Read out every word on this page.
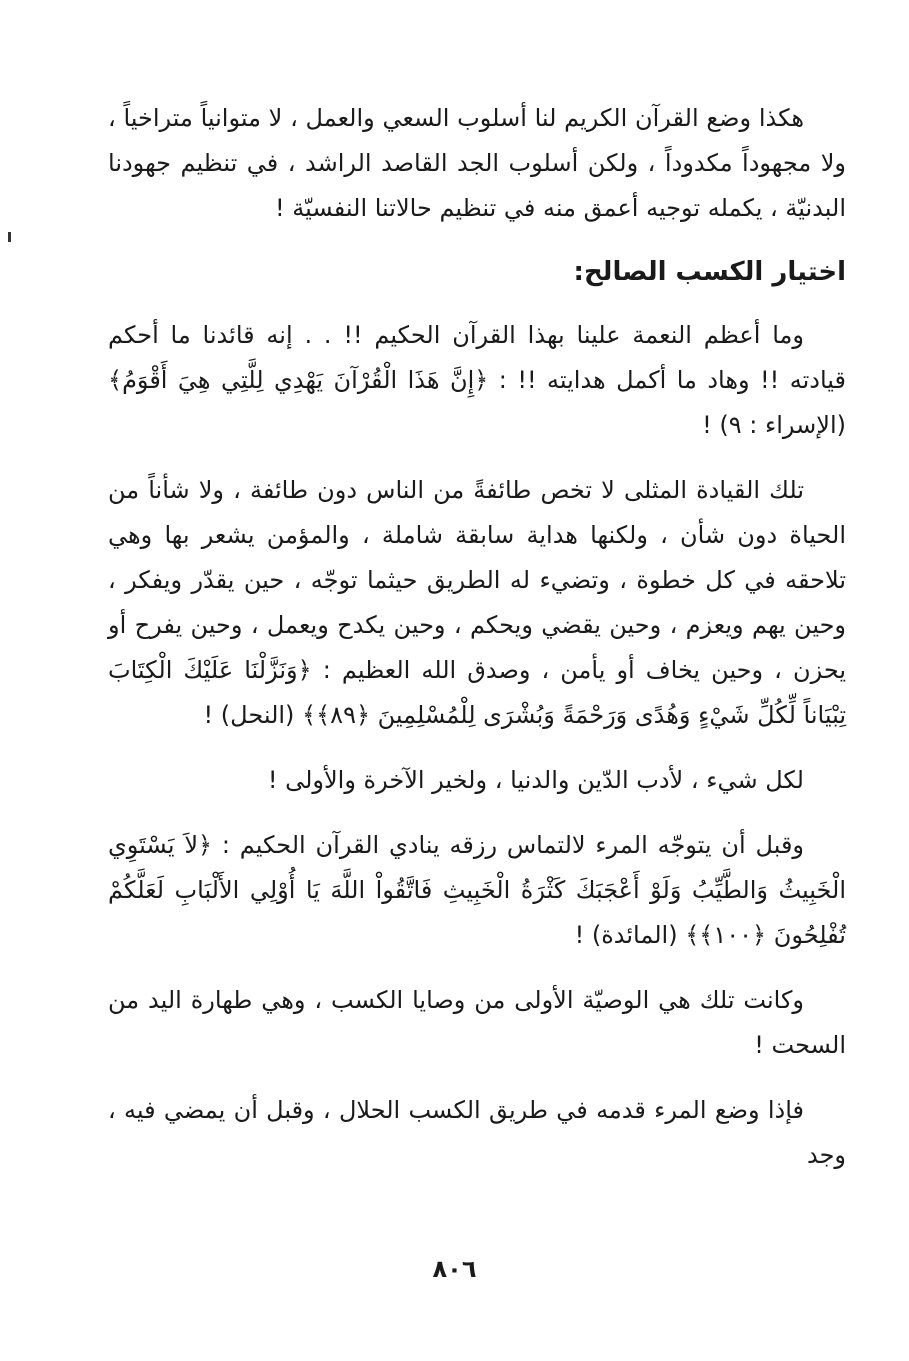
هكذا وضع القرآن الكريم لنا أسلوب السعي والعمل ، لا متوانياً متراخياً ، ولا مجهوداً مكدوداً ، ولكن أسلوب الجد القاصد الراشد ، في تنظيم جهودنا البدنيّة ، يكمله توجيه أعمق منه في تنظيم حالاتنا النفسيّة !

اختيار الكسب الصالح:

وما أعظم النعمة علينا بهذا القرآن الحكيم !! . . إنه قائدنا ما أحكم قيادته !! وهاد ما أكمل هدايته !! : ﴿إِنَّ هَذَا الْقُرْآنَ يَهْدِي لِلَّتِي هِيَ أَقْوَمُ﴾ (الإسراء : ٩) !

تلك القيادة المثلى لا تخص طائفةً من الناس دون طائفة ، ولا شأناً من الحياة دون شأن ، ولكنها هداية سابقة شاملة ، والمؤمن يشعر بها وهي تلاحقه في كل خطوة ، وتضيء له الطريق حيثما توجّه ، حين يقدّر ويفكر ، وحين يهم ويعزم ، وحين يقضي ويحكم ، وحين يكدح ويعمل ، وحين يفرح أو يحزن ، وحين يخاف أو يأمن ، وصدق الله العظيم : ﴿وَنَزَّلْنَا عَلَيْكَ الْكِتَابَ تِبْيَاناً لِّكُلِّ شَيْءٍ وَهُدًى وَرَحْمَةً وَبُشْرَى لِلْمُسْلِمِينَ ﴿٨٩﴾﴾ (النحل) !

لكل شيء ، لأدب الدّين والدنيا ، ولخير الآخرة والأولى !

وقبل أن يتوجّه المرء لالتماس رزقه ينادي القرآن الحكيم : ﴿لاَ يَسْتَوِي الْخَبِيثُ وَالطَّيِّبُ وَلَوْ أَعْجَبَكَ كَثْرَةُ الْخَبِيثِ فَاتَّقُواْ اللَّهَ يَا أُوْلِي الأَلْبَابِ لَعَلَّكُمْ تُفْلِحُونَ ﴿١٠٠﴾﴾ (المائدة) !

وكانت تلك هي الوصيّة الأولى من وصايا الكسب ، وهي طهارة اليد من السحت !

فإذا وضع المرء قدمه في طريق الكسب الحلال ، وقبل أن يمضي فيه ، وجد

٨٠٦
